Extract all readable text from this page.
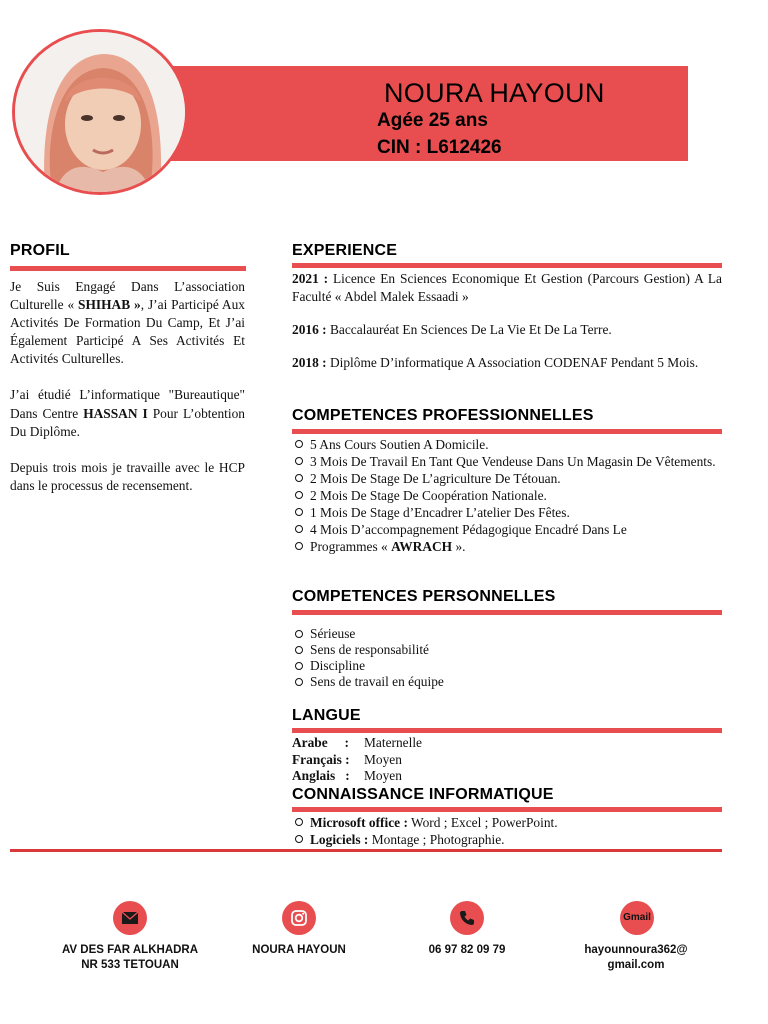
NOURA HAYOUN
Agée 25 ans
CIN : L612426
PROFIL

Je Suis Engagé Dans L’association Culturelle « SHIHAB », J’ai Participé Aux Activités De Formation Du Camp, Et J’ai Également Participé A Ses Activités Et Activités Culturelles.

J’ai étudié L’informatique "Bureautique" Dans Centre HASSAN I Pour L’obtention Du Diplôme.

Depuis trois mois je travaille avec le HCP dans le processus de recensement.

EXPERIENCE

2021 : Licence En Sciences Economique Et Gestion (Parcours Gestion) A La Faculté « Abdel Malek Essaadi »

2016 : Baccalauréat En Sciences De La Vie Et De La Terre.

2018 : Diplôme D’informatique A Association CODENAF Pendant 5 Mois.

COMPETENCES PROFESSIONNELLES
5 Ans Cours Soutien A Domicile.
3 Mois De Travail En Tant Que Vendeuse Dans Un Magasin De Vêtements.
2 Mois De Stage De L’agriculture De Tétouan.
2 Mois De Stage De Coopération Nationale.
1 Mois De Stage d’Encadrer L’atelier Des Fêtes.
4 Mois D’accompagnement Pédagogique Encadré Dans Le
Programmes « AWRACH ».
COMPETENCES PERSONNELLES
Sérieuse
Sens de responsabilité
Discipline
Sens de travail en équipe
LANGUE
Arabe     : Maternelle
Français : Moyen
Anglais   : Moyen
CONNAISSANCE INFORMATIQUE
Microsoft office : Word ; Excel ; PowerPoint.
Logiciels : Montage ; Photographie.
Gmail
AV DES FAR ALKHADRA
NR 533 TETOUAN
NOURA HAYOUN	06 97 82 09 79	hayounnoura362@
gmail.com
